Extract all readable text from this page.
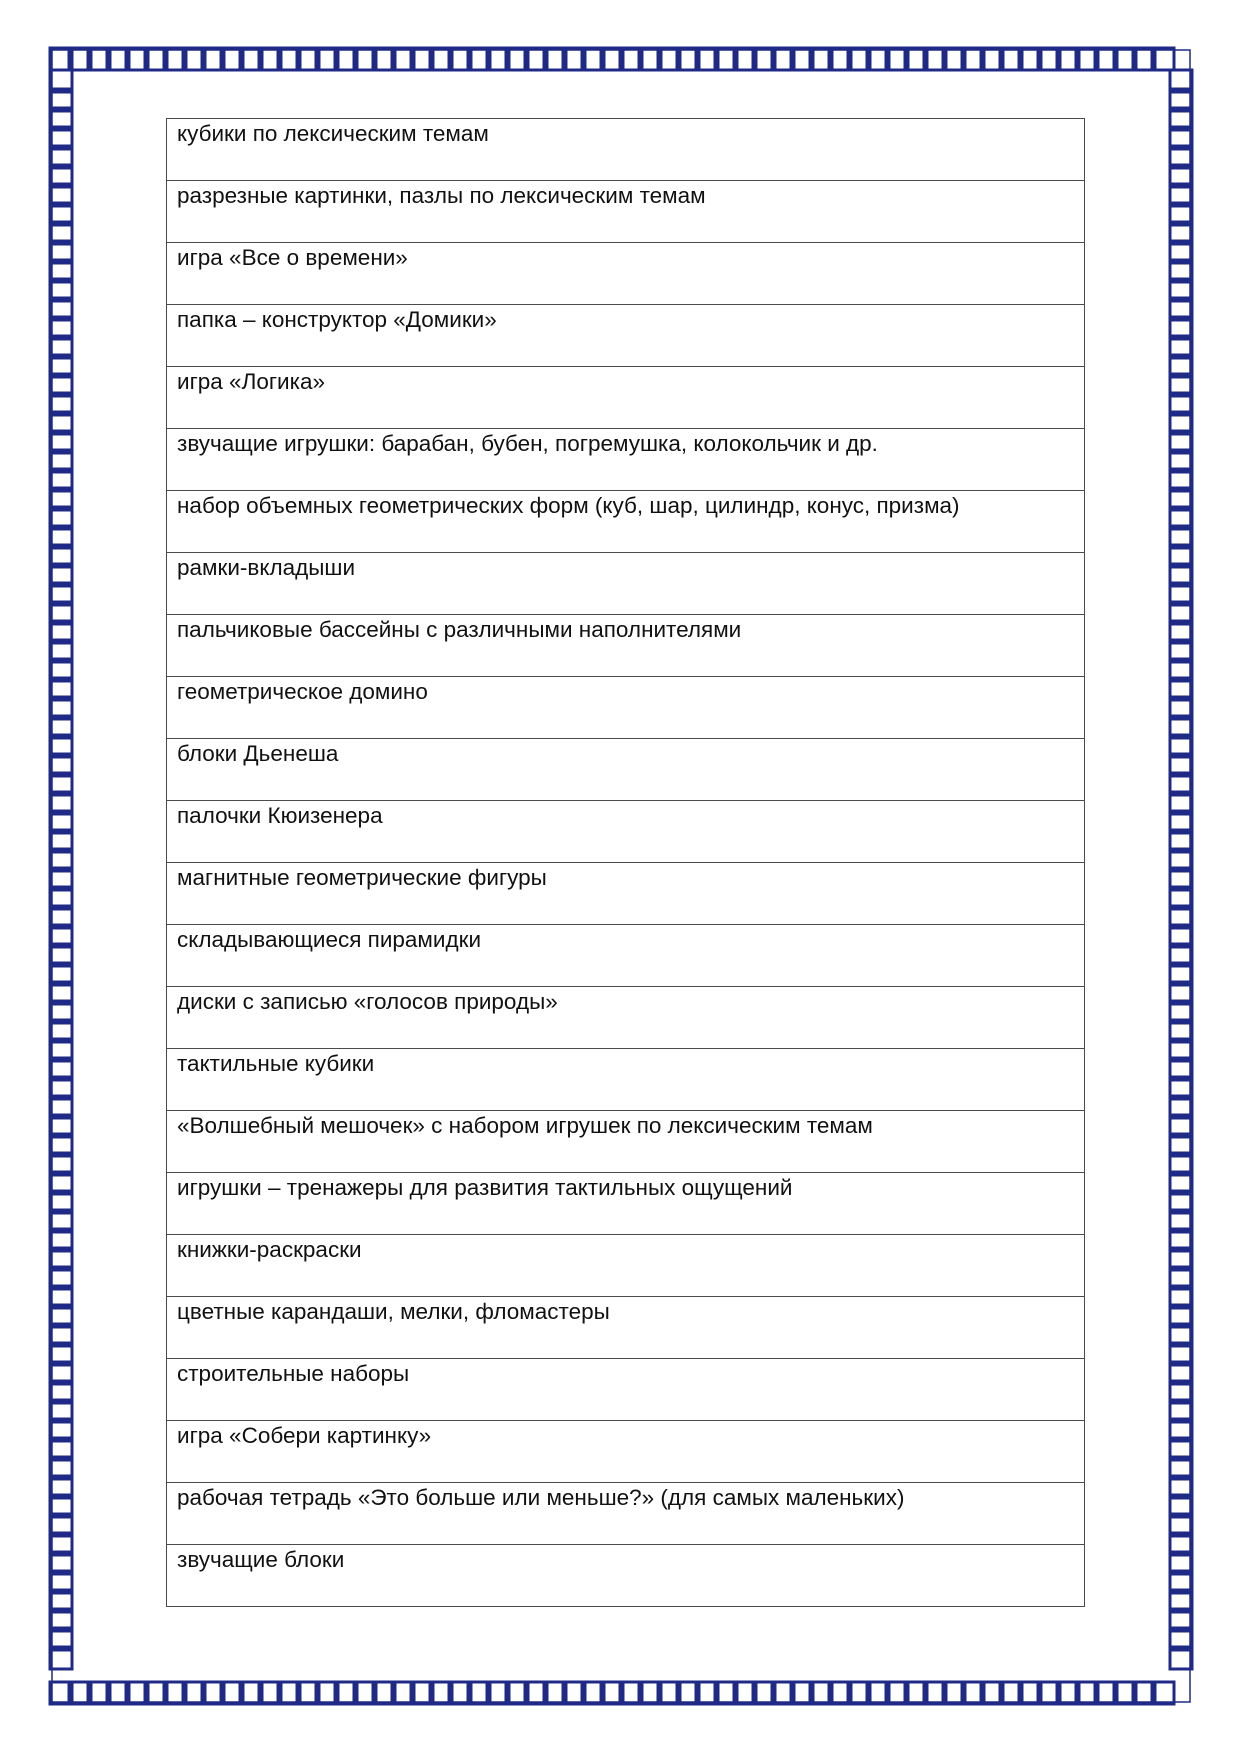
кубики по лексическим темам
разрезные картинки, пазлы по лексическим темам
игра «Все о времени»
папка – конструктор «Домики»
игра «Логика»
звучащие игрушки: барабан, бубен, погремушка, колокольчик и др.
набор объемных геометрических форм (куб, шар, цилиндр, конус, призма)
рамки-вкладыши
пальчиковые бассейны с различными наполнителями
геометрическое домино
блоки Дьенеша
палочки Кюизенера
магнитные геометрические фигуры
складывающиеся пирамидки
диски с записью «голосов природы»
тактильные кубики
«Волшебный мешочек» с набором игрушек по лексическим темам
игрушки – тренажеры для развития тактильных ощущений
книжки-раскраски
цветные карандаши, мелки, фломастеры
строительные наборы
игра «Собери картинку»
рабочая тетрадь «Это больше или меньше?» (для самых маленьких)
звучащие блоки
